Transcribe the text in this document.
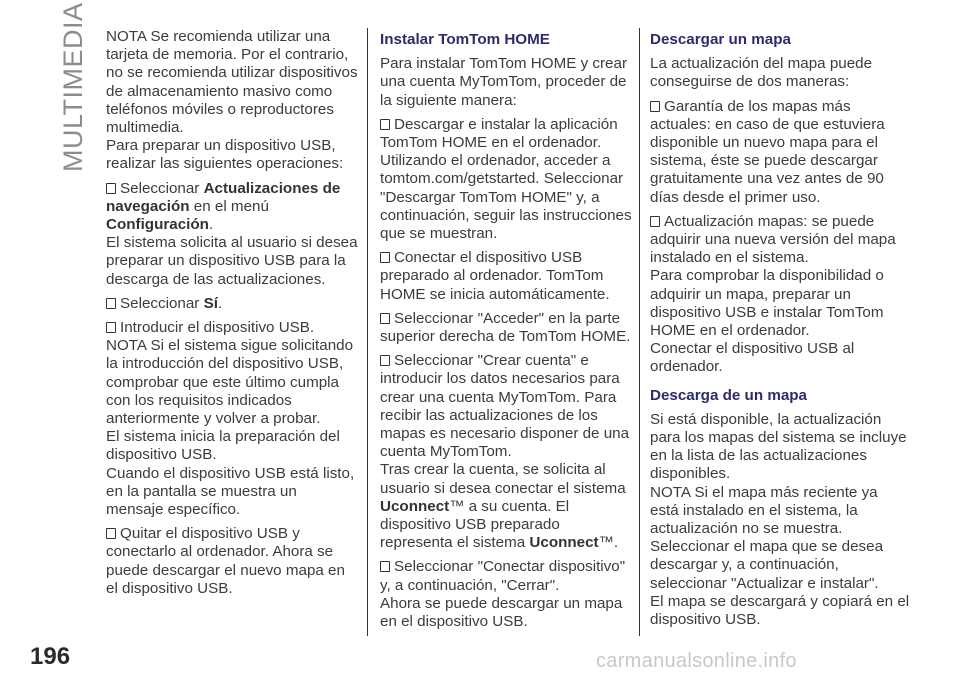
MULTIMEDIA NOTA Se recomienda utilizar una tarjeta de memoria. Por el contrario, no se recomienda utilizar dispositivos de almacenamiento masivo como teléfonos móviles o reproductores multimedia.

Para preparar un dispositivo USB, realizar las siguientes operaciones:

Seleccionar Actualizaciones de navegación en el menú Configuración.

El sistema solicita al usuario si desea preparar un dispositivo USB para la descarga de las actualizaciones.

Seleccionar Sí.

Introducir el dispositivo USB.

NOTA Si el sistema sigue solicitando la introducción del dispositivo USB, comprobar que este último cumpla con los requisitos indicados anteriormente y volver a probar.

El sistema inicia la preparación del dispositivo USB.

Cuando el dispositivo USB está listo, en la pantalla se muestra un mensaje específico.

Quitar el dispositivo USB y conectarlo al ordenador. Ahora se puede descargar el nuevo mapa en el dispositivo USB.

Instalar TomTom HOME

Para instalar TomTom HOME y crear una cuenta MyTomTom, proceder de la siguiente manera:

Descargar e instalar la aplicación TomTom HOME en el ordenador.

Utilizando el ordenador, acceder a tomtom.com/getstarted. Seleccionar "Descargar TomTom HOME" y, a continuación, seguir las instrucciones que se muestran.

Conectar el dispositivo USB preparado al ordenador. TomTom HOME se inicia automáticamente.

Seleccionar "Acceder" en la parte superior derecha de TomTom HOME.

Seleccionar "Crear cuenta" e introducir los datos necesarios para crear una cuenta MyTomTom. Para recibir las actualizaciones de los mapas es necesario disponer de una cuenta MyTomTom.

Tras crear la cuenta, se solicita al usuario si desea conectar el sistema Uconnect™ a su cuenta. El dispositivo USB preparado representa el sistema Uconnect™.

Seleccionar "Conectar dispositivo" y, a continuación, "Cerrar".

Ahora se puede descargar un mapa en el dispositivo USB.

Descargar un mapa

La actualización del mapa puede conseguirse de dos maneras:

Garantía de los mapas más actuales: en caso de que estuviera disponible un nuevo mapa para el sistema, éste se puede descargar gratuitamente una vez antes de 90 días desde el primer uso.

Actualización mapas: se puede adquirir una nueva versión del mapa instalado en el sistema.

Para comprobar la disponibilidad o adquirir un mapa, preparar un dispositivo USB e instalar TomTom HOME en el ordenador.

Conectar el dispositivo USB al ordenador.

Descarga de un mapa

Si está disponible, la actualización para los mapas del sistema se incluye en la lista de las actualizaciones disponibles.

NOTA Si el mapa más reciente ya está instalado en el sistema, la actualización no se muestra.

Seleccionar el mapa que se desea descargar y, a continuación, seleccionar "Actualizar e instalar".

El mapa se descargará y copiará en el dispositivo USB.

196	carmanualsonline.info
